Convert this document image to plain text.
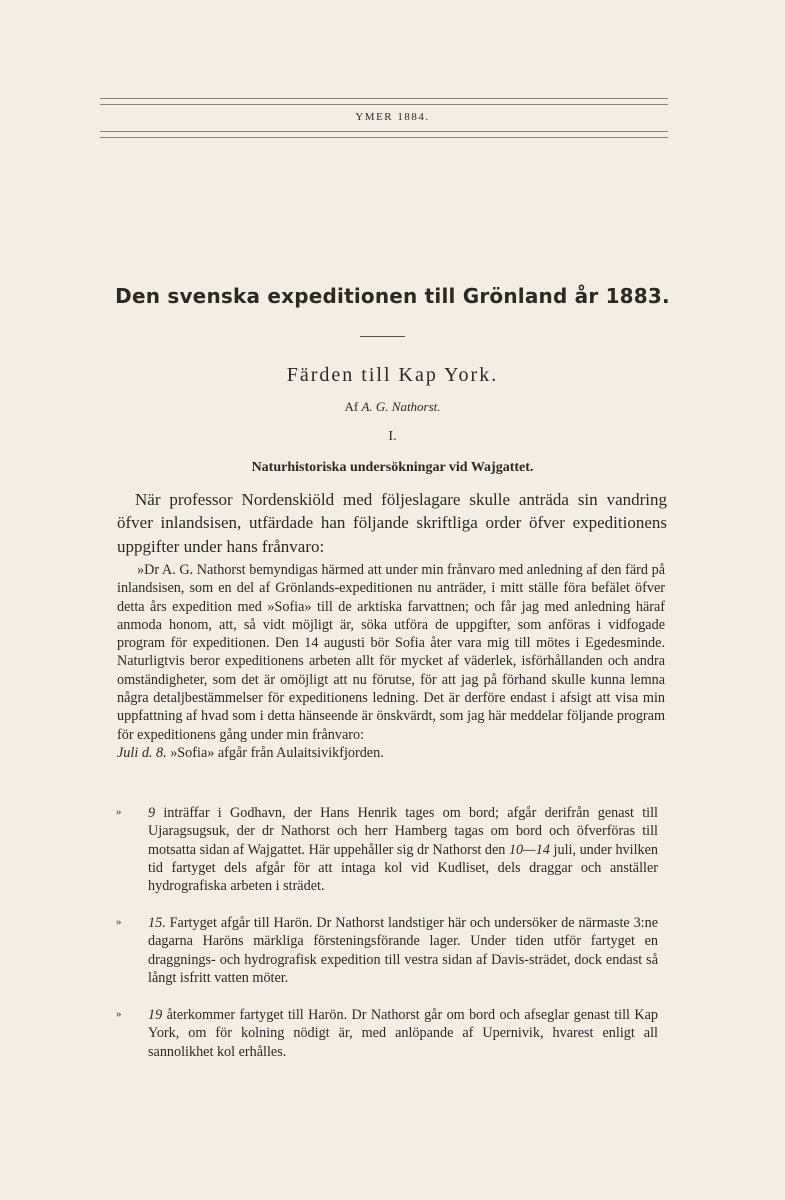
YMER 1884.
Den svenska expeditionen till Grönland år 1883.
Färden till Kap York.
Af A. G. Nathorst.
I.
Naturhistoriska undersökningar vid Wajgattet.

När professor Nordenskiöld med följeslagare skulle anträda sin vandring öfver inlandsisen, utfärdade han följande skriftliga order öfver expeditionens uppgifter under hans frånvaro:

»Dr A. G. Nathorst bemyndigas härmed att under min frånvaro med anledning af den färd på inlandsisen, som en del af Grönlands-expeditionen nu anträder, i mitt ställe föra befälet öfver detta års expedition med »Sofia» till de arktiska farvattnen; och får jag med anledning häraf anmoda honom, att, så vidt möjligt är, söka utföra de uppgifter, som anföras i vidfogade program för expeditionen. Den 14 augusti bör Sofia åter vara mig till mötes i Egedesminde. Naturligtvis beror expeditionens arbeten allt för mycket af väderlek, isförhållanden och andra omständigheter, som det är omöjligt att nu förutse, för att jag på förhand skulle kunna lemna några detaljbestämmelser för expeditionens ledning. Det är derföre endast i afsigt att visa min uppfattning af hvad som i detta hänseende är önskvärdt, som jag här meddelar följande program för expeditionens gång under min frånvaro:

Juli d. 8. »Sofia» afgår från Aulaitsivikfjorden.

» 9 inträffar i Godhavn, der Hans Henrik tages om bord; afgår derifrån genast till Ujaragsugsuk, der dr Nathorst och herr Hamberg tagas om bord och öfverföras till motsatta sidan af Wajgattet. Här uppehåller sig dr Nathorst den 10—14 juli, under hvilken tid fartyget dels afgår för att intaga kol vid Kudliset, dels draggar och anställer hydrografiska arbeten i strädet.
» 15. Fartyget afgår till Harön. Dr Nathorst landstiger här och undersöker de närmaste 3:ne dagarna Haröns märkliga försteningsförande lager. Under tiden utför fartyget en draggnings- och hydrografisk expedition till vestra sidan af Davis-strädet, dock endast så långt isfritt vatten möter.
» 19 återkommer fartyget till Harön. Dr Nathorst går om bord och afseglar genast till Kap York, om för kolning nödigt är, med anlöpande af Upernivik, hvarest enligt all sannolikhet kol erhålles.
